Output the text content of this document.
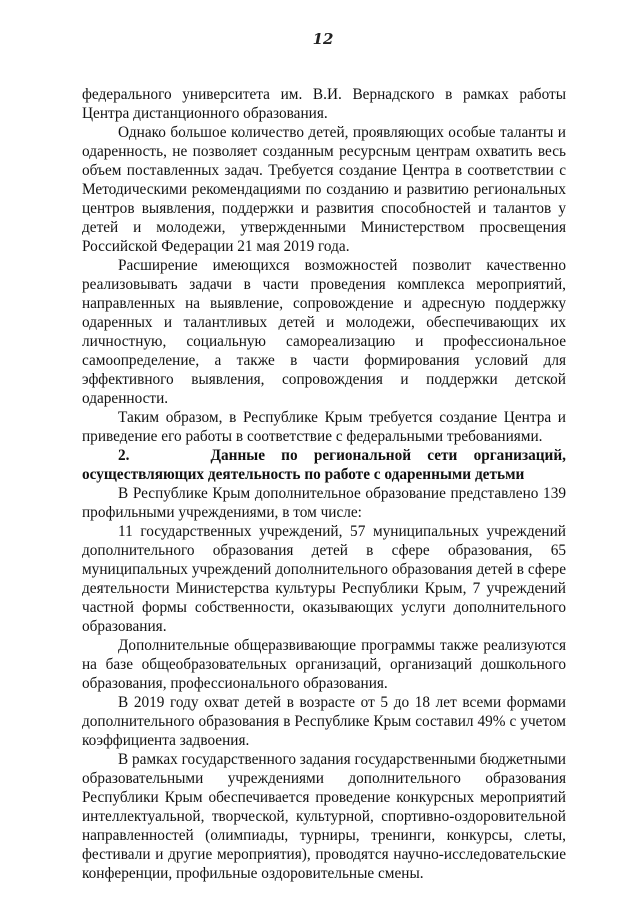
12

федерального университета им. В.И. Вернадского в рамках работы Центра дистанционного образования.

Однако большое количество детей, проявляющих особые таланты и одаренность, не позволяет созданным ресурсным центрам охватить весь объем поставленных задач. Требуется создание Центра в соответствии с Методическими рекомендациями по созданию и развитию региональных центров выявления, поддержки и развития способностей и талантов у детей и молодежи, утвержденными Министерством просвещения Российской Федерации 21 мая 2019 года.

Расширение имеющихся возможностей позволит качественно реализовывать задачи в части проведения комплекса мероприятий, направленных на выявление, сопровождение и адресную поддержку одаренных и талантливых детей и молодежи, обеспечивающих их личностную, социальную самореализацию и профессиональное самоопределение, а также в части формирования условий для эффективного выявления, сопровождения и поддержки детской одаренности.

Таким образом, в Республике Крым требуется создание Центра и приведение его работы в соответствие с федеральными требованиями.

2.     Данные по региональной сети организаций, осуществляющих деятельность по работе с одаренными детьми

В Республике Крым дополнительное образование представлено 139 профильными учреждениями, в том числе:

11 государственных учреждений, 57 муниципальных учреждений дополнительного образования детей в сфере образования, 65 муниципальных учреждений дополнительного образования детей в сфере деятельности Министерства культуры Республики Крым, 7 учреждений частной формы собственности, оказывающих услуги дополнительного образования.

Дополнительные общеразвивающие программы также реализуются на базе общеобразовательных организаций, организаций дошкольного образования, профессионального образования.

В 2019 году охват детей в возрасте от 5 до 18 лет всеми формами дополнительного образования в Республике Крым составил 49% с учетом коэффициента задвоения.

В рамках государственного задания государственными бюджетными образовательными учреждениями дополнительного образования Республики Крым обеспечивается проведение конкурсных мероприятий интеллектуальной, творческой, культурной, спортивно-оздоровительной направленностей (олимпиады, турниры, тренинги, конкурсы, слеты, фестивали и другие мероприятия), проводятся научно-исследовательские конференции, профильные оздоровительные смены.
